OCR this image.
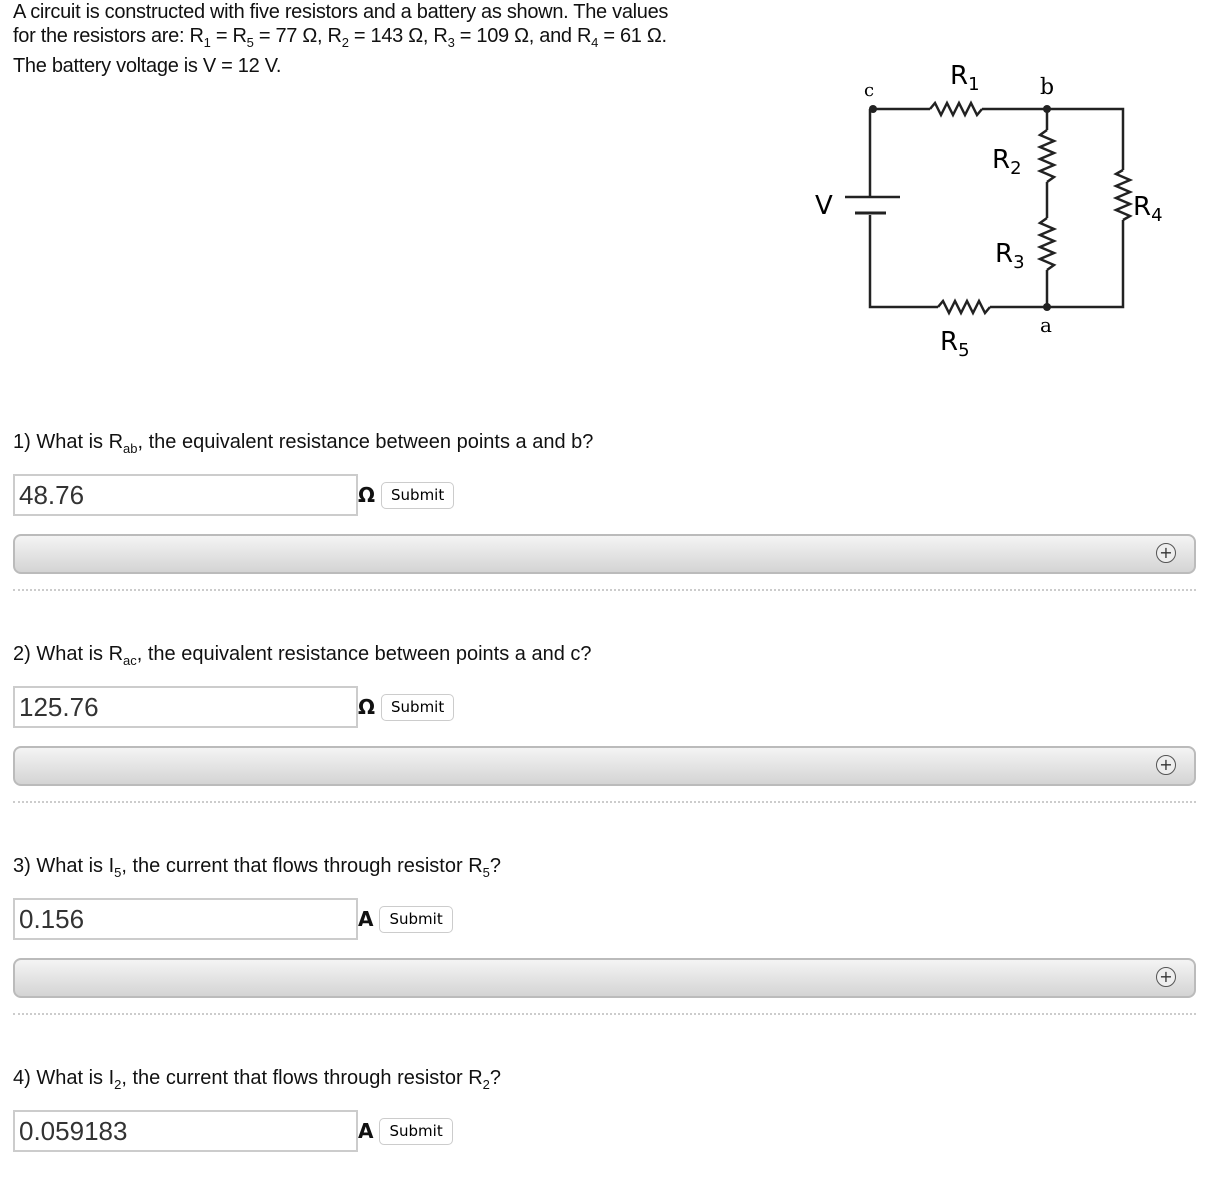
A circuit is constructed with five resistors and a battery as shown. The values
for the resistors are: $R_1 = R_5 = 77$ Ω, $R_2 = 143$ Ω, $R_3 = 109$ Ω, and $R_4 = 61$ Ω.
The battery voltage is V = 12 V.
c	b
a
V
$R_1$
$R_2$
$R_3$
$R_4$
$R_5$
1) What is $R_{ab}$, the equivalent resistance between points a and b?
48.76	Ω	Submit
+
2) What is $R_{ac}$, the equivalent resistance between points a and c?
125.76	Ω	Submit
+
3) What is $I_5$, the current that flows through resistor $R_5$?
0.156	A	Submit
+
4) What is $I_2$, the current that flows through resistor $R_2$?
0.059183	A	Submit
